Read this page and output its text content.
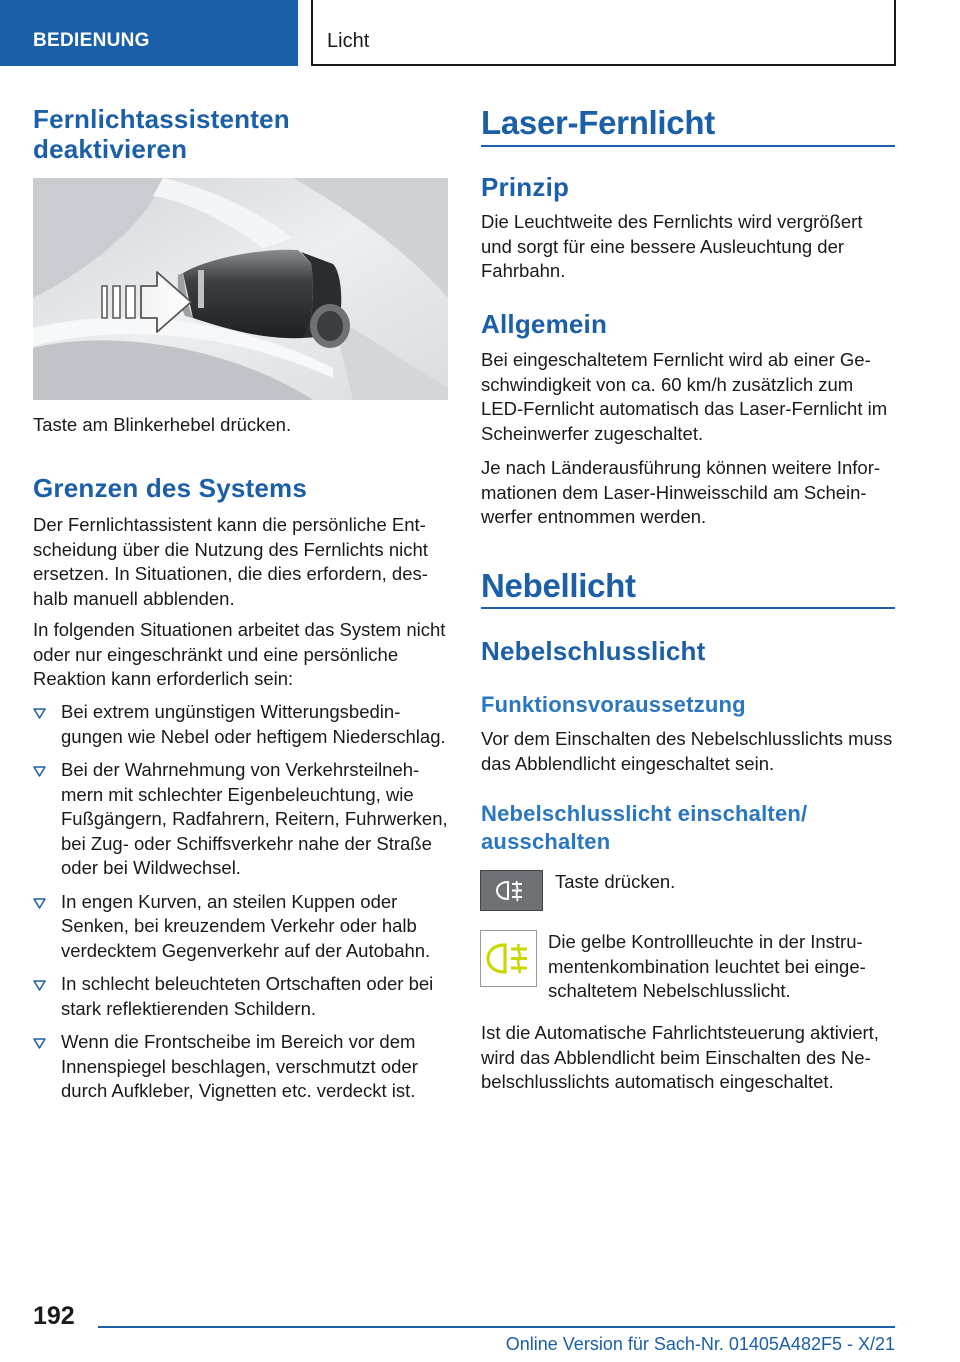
BEDIENUNG	Licht
Fernlichtassistenten deaktivieren
Taste am Blinkerhebel drücken.
Grenzen des Systems
Der Fernlichtassistent kann die persönliche Entscheidung über die Nutzung des Fernlichts nicht ersetzen. In Situationen, die dies erfordern, deshalb manuell abblenden.
In folgenden Situationen arbeitet das System nicht oder nur eingeschränkt und eine persönliche Reaktion kann erforderlich sein:
Bei extrem ungünstigen Witterungsbedingungen wie Nebel oder heftigem Niederschlag.
Bei der Wahrnehmung von Verkehrsteilnehmern mit schlechter Eigenbeleuchtung, wie Fußgängern, Radfahrern, Reitern, Fuhrwerken, bei Zug- oder Schiffsverkehr nahe der Straße oder bei Wildwechsel.
In engen Kurven, an steilen Kuppen oder Senken, bei kreuzendem Verkehr oder halb verdecktem Gegenverkehr auf der Autobahn.
In schlecht beleuchteten Ortschaften oder bei stark reflektierenden Schildern.
Wenn die Frontscheibe im Bereich vor dem Innenspiegel beschlagen, verschmutzt oder durch Aufkleber, Vignetten etc. verdeckt ist.
Laser-Fernlicht
Prinzip
Die Leuchtweite des Fernlichts wird vergrößert und sorgt für eine bessere Ausleuchtung der Fahrbahn.
Allgemein
Bei eingeschaltetem Fernlicht wird ab einer Geschwindigkeit von ca. 60 km/h zusätzlich zum LED-Fernlicht automatisch das Laser-Fernlicht im Scheinwerfer zugeschaltet.
Je nach Länderausführung können weitere Informationen dem Laser-Hinweisschild am Scheinwerfer entnommen werden.
Nebellicht
Nebelschlusslicht
Funktionsvoraussetzung
Vor dem Einschalten des Nebelschlusslichts muss das Abblendlicht eingeschaltet sein.
Nebelschlusslicht einschalten/ ausschalten
Taste drücken.
Die gelbe Kontrollleuchte in der Instrumentenkombination leuchtet bei eingeschaltetem Nebelschlusslicht.
Ist die Automatische Fahrlichtsteuerung aktiviert, wird das Abblendlicht beim Einschalten des Nebelschlusslichts automatisch eingeschaltet.
192
Online Version für Sach-Nr. 01405A482F5 - X/21
